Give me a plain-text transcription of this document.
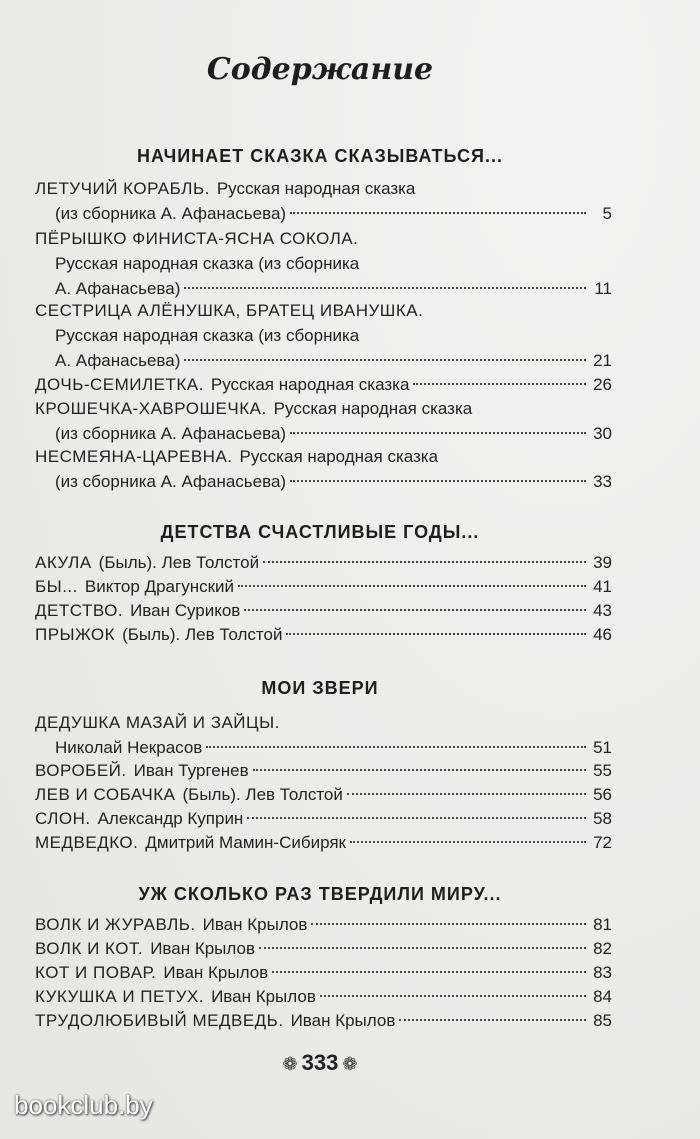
Содержание
НАЧИНАЕТ СКАЗКА СКАЗЫВАТЬСЯ...
ЛЕТУЧИЙ КОРАБЛЬ. Русская народная сказка
(из сборника А. Афанасьева)	5
ПЁРЫШКО ФИНИСТА-ЯСНА СОКОЛА.
Русская народная сказка (из сборника
А. Афанасьева)	11
СЕСТРИЦА АЛЁНУШКА, БРАТЕЦ ИВАНУШКА.
Русская народная сказка (из сборника
А. Афанасьева)	21
ДОЧЬ-СЕМИЛЕТКА. Русская народная сказка	26
КРОШЕЧКА-ХАВРОШЕЧКА. Русская народная сказка
(из сборника А. Афанасьева)	30
НЕСМЕЯНА-ЦАРЕВНА. Русская народная сказка
(из сборника А. Афанасьева)	33
ДЕТСТВА СЧАСТЛИВЫЕ ГОДЫ...
АКУЛА (Быль). Лев Толстой	39
БЫ... Виктор Драгунский	41
ДЕТСТВО. Иван Суриков	43
ПРЫЖОК (Быль). Лев Толстой	46
МОИ ЗВЕРИ
ДЕДУШКА МАЗАЙ И ЗАЙЦЫ.
Николай Некрасов	51
ВОРОБЕЙ. Иван Тургенев	55
ЛЕВ И СОБАЧКА (Быль). Лев Толстой	56
СЛОН. Александр Куприн	58
МЕДВЕДКО. Дмитрий Мамин-Сибиряк	72
УЖ СКОЛЬКО РАЗ ТВЕРДИЛИ МИРУ...
ВОЛК И ЖУРАВЛЬ. Иван Крылов	81
ВОЛК И КОТ. Иван Крылов	82
КОТ И ПОВАР. Иван Крылов	83
КУКУШКА И ПЕТУХ. Иван Крылов	84
ТРУДОЛЮБИВЫЙ МЕДВЕДЬ. Иван Крылов	85
❁ 333 ❁
bookclub.by
